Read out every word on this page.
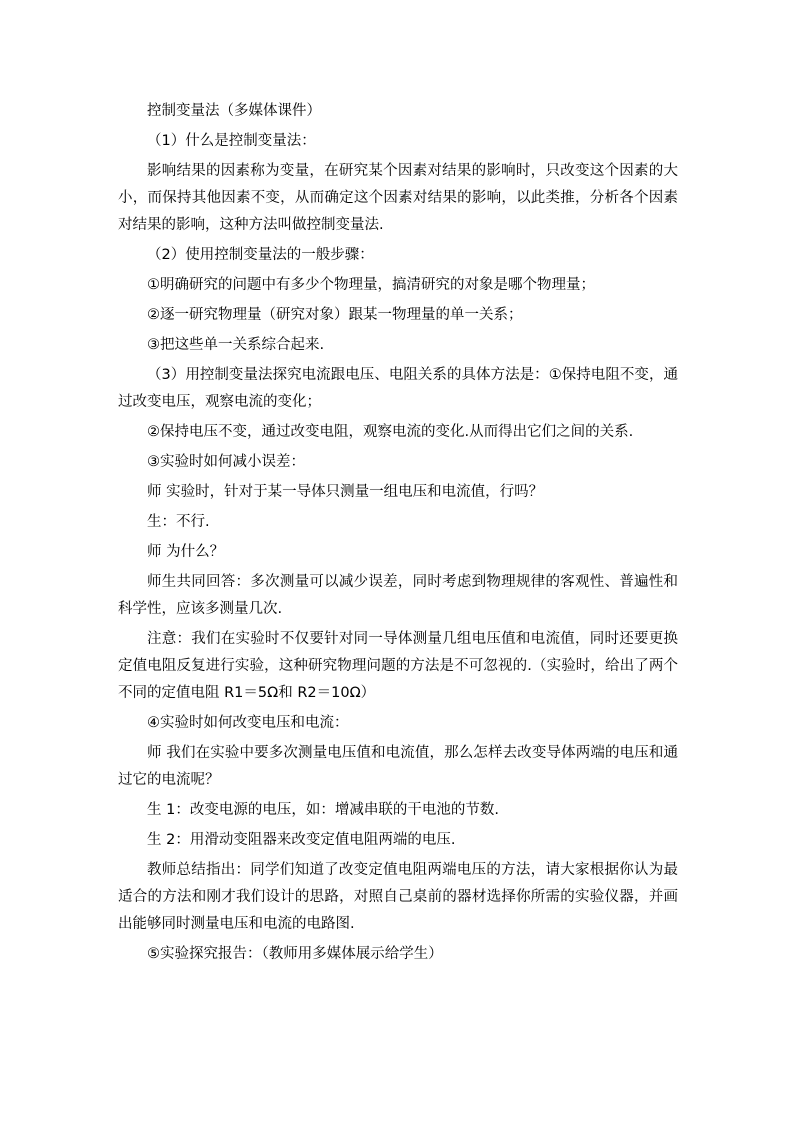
控制变量法（多媒体课件）

（1）什么是控制变量法：

影响结果的因素称为变量，在研究某个因素对结果的影响时，只改变这个因素的大小，而保持其他因素不变，从而确定这个因素对结果的影响，以此类推，分析各个因素对结果的影响，这种方法叫做控制变量法.

（2）使用控制变量法的一般步骤：

①明确研究的问题中有多少个物理量，搞清研究的对象是哪个物理量；

②逐一研究物理量（研究对象）跟某一物理量的单一关系；

③把这些单一关系综合起来.

（3）用控制变量法探究电流跟电压、电阻关系的具体方法是：①保持电阻不变，通过改变电压，观察电流的变化；

②保持电压不变，通过改变电阻，观察电流的变化.从而得出它们之间的关系.

③实验时如何减小误差：

师 实验时，针对于某一导体只测量一组电压和电流值，行吗？

生：不行.

师 为什么？

师生共同回答：多次测量可以减少误差，同时考虑到物理规律的客观性、普遍性和科学性，应该多测量几次.

注意：我们在实验时不仅要针对同一导体测量几组电压值和电流值，同时还要更换定值电阻反复进行实验，这种研究物理问题的方法是不可忽视的.（实验时，给出了两个不同的定值电阻 R1＝5Ω和 R2＝10Ω）

④实验时如何改变电压和电流：

师 我们在实验中要多次测量电压值和电流值，那么怎样去改变导体两端的电压和通过它的电流呢？

生 1：改变电源的电压，如：增减串联的干电池的节数.

生 2：用滑动变阻器来改变定值电阻两端的电压.

教师总结指出：同学们知道了改变定值电阻两端电压的方法，请大家根据你认为最适合的方法和刚才我们设计的思路，对照自己桌前的器材选择你所需的实验仪器，并画出能够同时测量电压和电流的电路图.

⑤实验探究报告：（教师用多媒体展示给学生）
